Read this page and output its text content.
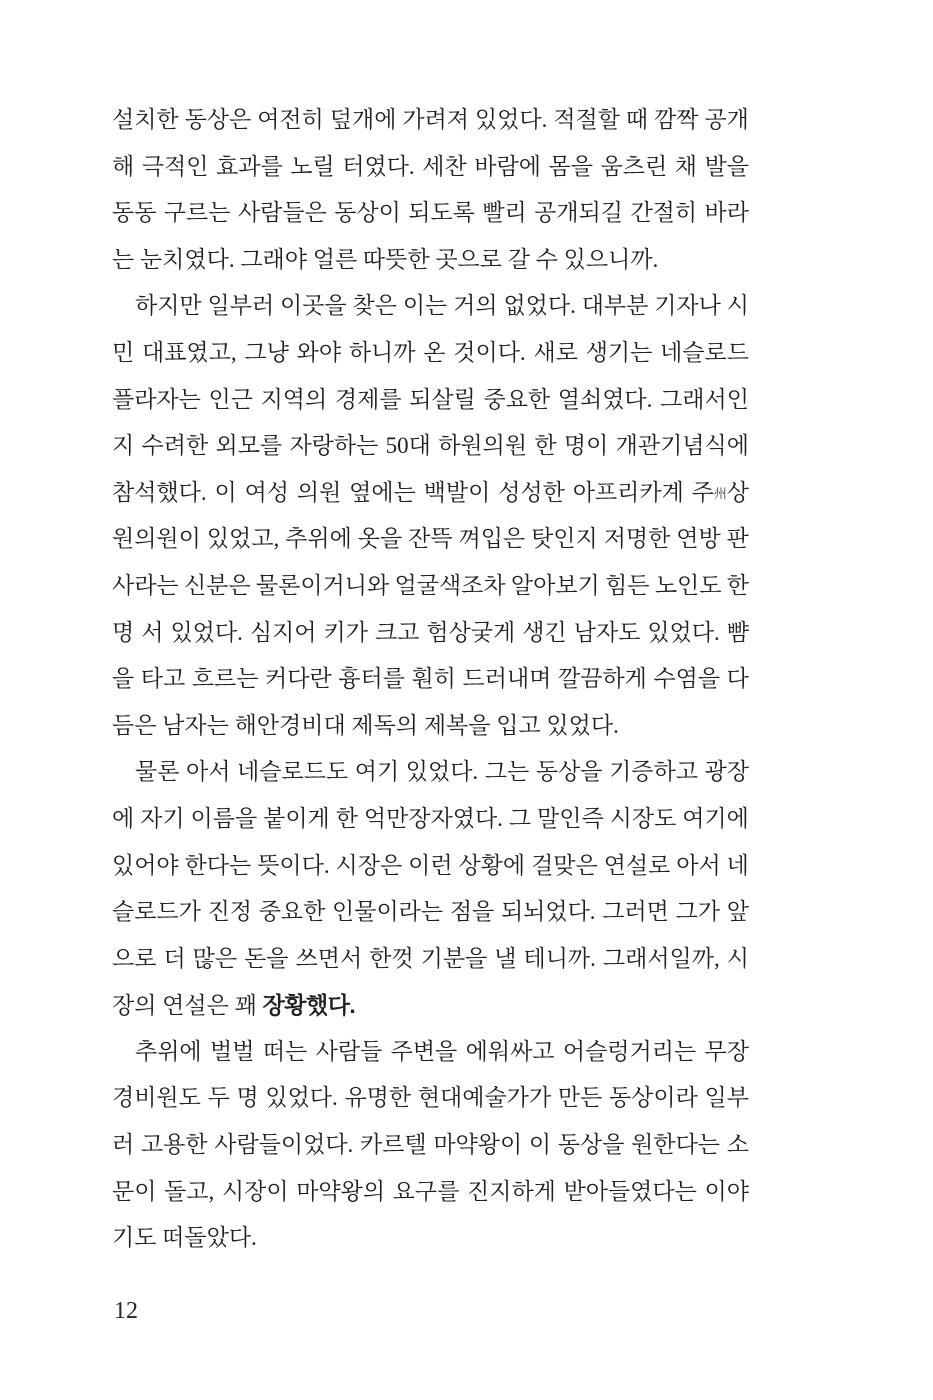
설치한 동상은 여전히 덮개에 가려져 있었다. 적절할 때 깜짝 공개
해 극적인 효과를 노릴 터였다. 세찬 바람에 몸을 움츠린 채 발을
동동 구르는 사람들은 동상이 되도록 빨리 공개되길 간절히 바라
는 눈치였다. 그래야 얼른 따뜻한 곳으로 갈 수 있으니까.
하지만 일부러 이곳을 찾은 이는 거의 없었다. 대부분 기자나 시
민 대표였고, 그냥 와야 하니까 온 것이다. 새로 생기는 네슬로드
플라자는 인근 지역의 경제를 되살릴 중요한 열쇠였다. 그래서인
지 수려한 외모를 자랑하는 50대 하원의원 한 명이 개관기념식에
참석했다. 이 여성 의원 옆에는 백발이 성성한 아프리카계 주州상
원의원이 있었고, 추위에 옷을 잔뜩 껴입은 탓인지 저명한 연방 판
사라는 신분은 물론이거니와 얼굴색조차 알아보기 힘든 노인도 한
명 서 있었다. 심지어 키가 크고 험상궂게 생긴 남자도 있었다. 뺨
을 타고 흐르는 커다란 흉터를 훤히 드러내며 깔끔하게 수염을 다
듬은 남자는 해안경비대 제독의 제복을 입고 있었다.
물론 아서 네슬로드도 여기 있었다. 그는 동상을 기증하고 광장
에 자기 이름을 붙이게 한 억만장자였다. 그 말인즉 시장도 여기에
있어야 한다는 뜻이다. 시장은 이런 상황에 걸맞은 연설로 아서 네
슬로드가 진정 중요한 인물이라는 점을 되뇌었다. 그러면 그가 앞
으로 더 많은 돈을 쓰면서 한껏 기분을 낼 테니까. 그래서일까, 시
장의 연설은 꽤 장황했다.
추위에 벌벌 떠는 사람들 주변을 에워싸고 어슬렁거리는 무장
경비원도 두 명 있었다. 유명한 현대예술가가 만든 동상이라 일부
러 고용한 사람들이었다. 카르텔 마약왕이 이 동상을 원한다는 소
문이 돌고, 시장이 마약왕의 요구를 진지하게 받아들였다는 이야
기도 떠돌았다.
12
